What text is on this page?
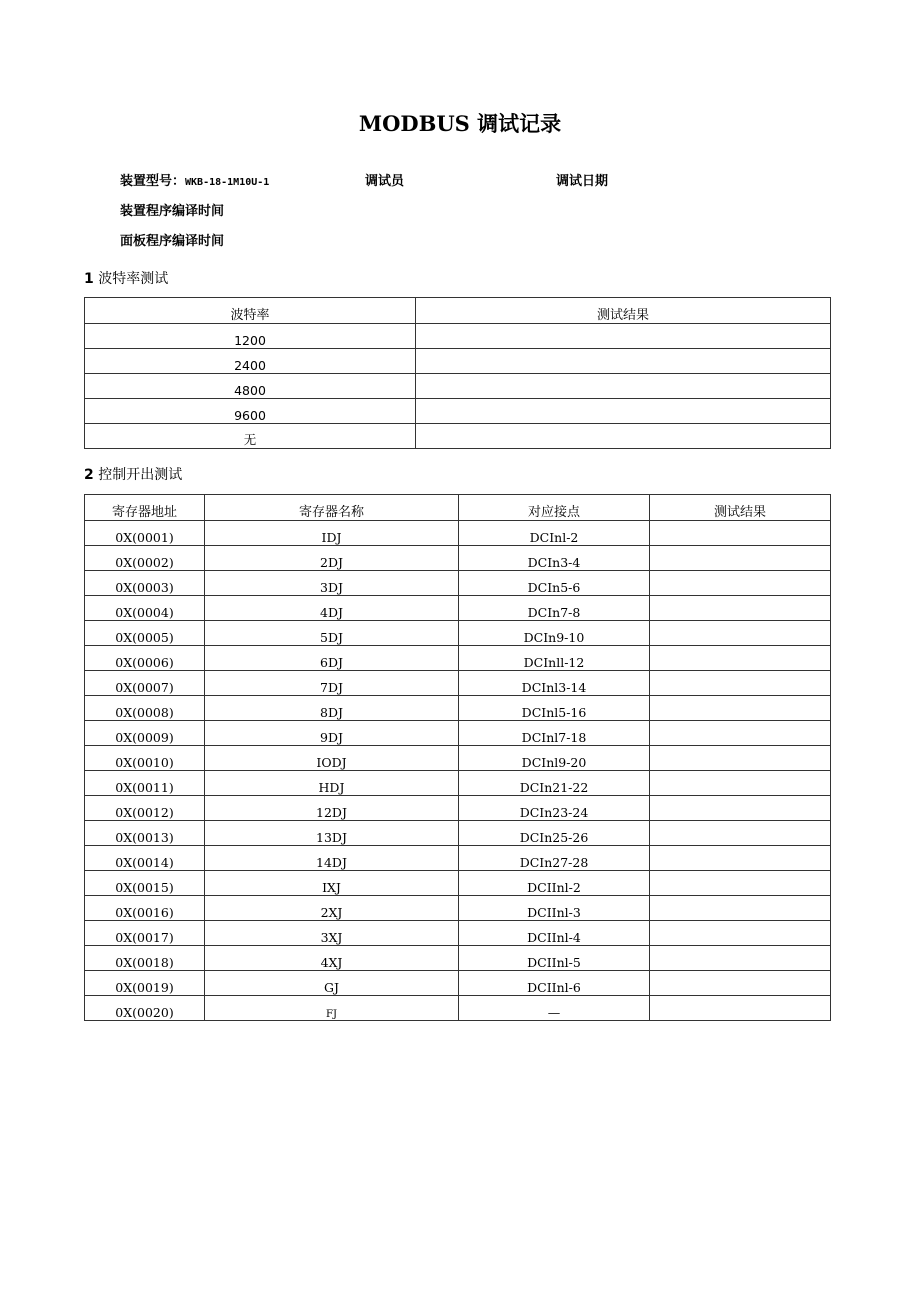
MODBUS 调试记录
装置型号：WKB-18-1M10U-1	调试员	调试日期
装置程序编译时间
面板程序编译时间
1 波特率测试
波特率	测试结果
1200	
2400	
4800	
9600	
无	
2 控制开出测试
寄存器地址	寄存器名称	对应接点	测试结果
0X(0001)	IDJ	DCInl-2	
0X(0002)	2DJ	DCIn3-4	
0X(0003)	3DJ	DCIn5-6	
0X(0004)	4DJ	DCIn7-8	
0X(0005)	5DJ	DCIn9-10	
0X(0006)	6DJ	DCInll-12	
0X(0007)	7DJ	DCInl3-14	
0X(0008)	8DJ	DCInl5-16	
0X(0009)	9DJ	DCInl7-18	
0X(0010)	IODJ	DCInl9-20	
0X(0011)	HDJ	DCIn21-22	
0X(0012)	12DJ	DCIn23-24	
0X(0013)	13DJ	DCIn25-26	
0X(0014)	14DJ	DCIn27-28	
0X(0015)	IXJ	DCIInl-2	
0X(0016)	2XJ	DCIInl-3	
0X(0017)	3XJ	DCIInl-4	
0X(0018)	4XJ	DCIInl-5	
0X(0019)	GJ	DCIInl-6	
0X(0020)	FJ	—	
